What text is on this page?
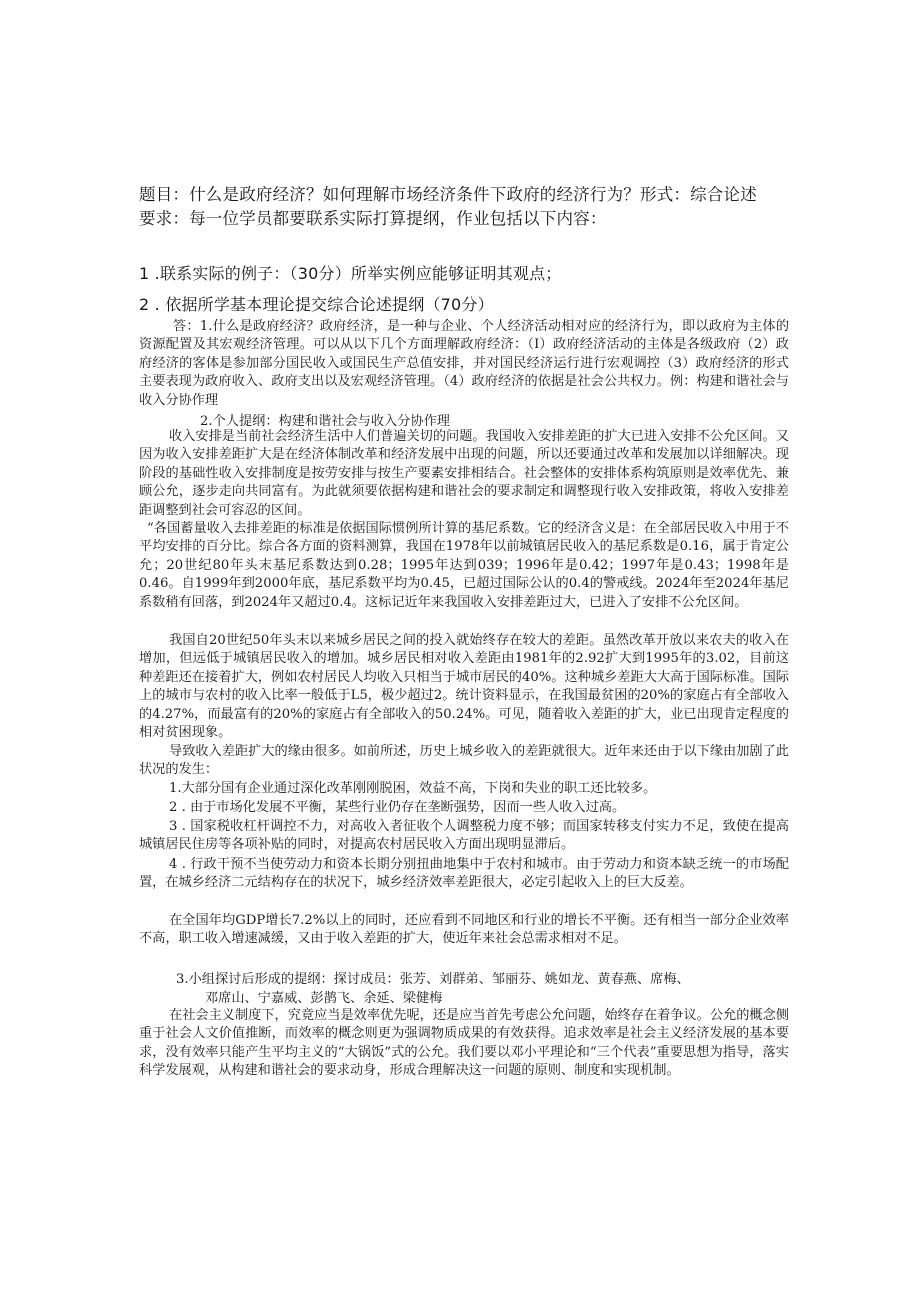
题目：什么是政府经济？如何理解市场经济条件下政府的经济行为？形式：综合论述

要求：每一位学员都要联系实际打算提纲，作业包括以下内容：

1 .联系实际的例子：（30分）所举实例应能够证明其观点；

2 . 依据所学基本理论提交综合论述提纲（70分）

答：1.什么是政府经济？政府经济，是一种与企业、个人经济活动相对应的经济行为，即以政府为主体的资源配置及其宏观经济管理。可以从以下几个方面理解政府经济：（I）政府经济活动的主体是各级政府（2）政府经济的客体是参加部分国民收入或国民生产总值安排，并对国民经济运行进行宏观调控（3）政府经济的形式主要表现为政府收入、政府支出以及宏观经济管理。（4）政府经济的依据是社会公共权力。例：构建和谐社会与收入分协作理

2.个人提纲：构建和谐社会与收入分协作理

收入安排是当前社会经济生活中人们普遍关切的问题。我国收入安排差距的扩大已进入安排不公允区间。又因为收入安排差距扩大是在经济体制改革和经济发展中出现的问题，所以还要通过改革和发展加以详细解决。现阶段的基础性收入安排制度是按劳安排与按生产要素安排相结合。社会整体的安排体系构筑原则是效率优先、兼顾公允，逐步走向共同富有。为此就须要依据构建和谐社会的要求制定和调整现行收入安排政策，将收入安排差距调整到社会可容忍的区间。

“各国蓄量收入去排差距的标准是依据国际惯例所计算的基尼系数。它的经济含义是：在全部居民收入中用于不平均安排的百分比。综合各方面的资料测算，我国在1978年以前城镇居民收入的基尼系数是0.16，属于肯定公允；20世纪80年头末基尼系数达到0.28；1995年达到039；1996年是0.42；1997年是0.43；1998年是0.46。自1999年到2000年底，基尼系数平均为0.45，已超过国际公认的0.4的警戒线。2024年至2024年基尼系数稍有回落，到2024年又超过0.4。这标记近年来我国收入安排差距过大，已进入了安排不公允区间。

我国自20世纪50年头末以来城乡居民之间的投入就始终存在较大的差距。虽然改革开放以来农夫的收入在增加，但远低于城镇居民收入的增加。城乡居民相对收入差距由1981年的2.92扩大到1995年的3.02，目前这种差距还在接着扩大，例如农村居民人均收入只相当于城市居民的40%。这种城乡差距大大高于国际标准。国际上的城市与农村的收入比率一般低于L5，极少超过2。统计资料显示，在我国最贫困的20%的家庭占有全部收入的4.27%，而最富有的20%的家庭占有全部收入的50.24%。可见，随着收入差距的扩大，业已出现肯定程度的相对贫困现象。

导致收入差距扩大的缘由很多。如前所述，历史上城乡收入的差距就很大。近年来还由于以下缘由加剧了此状况的发生：

1.大部分国有企业通过深化改革刚刚脱困，效益不高，下岗和失业的职工还比较多。

2 . 由于市场化发展不平衡，某些行业仍存在垄断强势，因而一些人收入过高。

3 . 国家税收杠杆调控不力，对高收入者征收个人调整税力度不够；而国家转移支付实力不足，致使在提高城镇居民住房等各项补贴的同时，对提高农村居民收入方面出现明显滞后。

4 . 行政干预不当使劳动力和资本长期分别扭曲地集中于农村和城市。由于劳动力和资本缺乏统一的市场配置，在城乡经济二元结构存在的状况下，城乡经济效率差距很大，必定引起收入上的巨大反差。

在全国年均GDP增长7.2%以上的同时，还应看到不同地区和行业的增长不平衡。还有相当一部分企业效率不高，职工收入增速减缓，又由于收入差距的扩大，使近年来社会总需求相对不足。

3.小组探讨后形成的提纲：探讨成员：张芳、刘群弟、邹丽芬、姚如龙、黄春燕、席梅、

邓席山、宁嘉威、彭鹊飞、余延、梁健梅

在社会主义制度下，究竟应当是效率优先呢，还是应当首先考虑公允问题，始终存在着争议。公允的概念侧重于社会人文价值推断，而效率的概念则更为强调物质成果的有效获得。追求效率是社会主义经济发展的基本要求，没有效率只能产生平均主义的“大锅饭”式的公允。我们要以邓小平理论和“三个代表”重要思想为指导，落实科学发展观，从构建和谐社会的要求动身，形成合理解决这一问题的原则、制度和实现机制。
